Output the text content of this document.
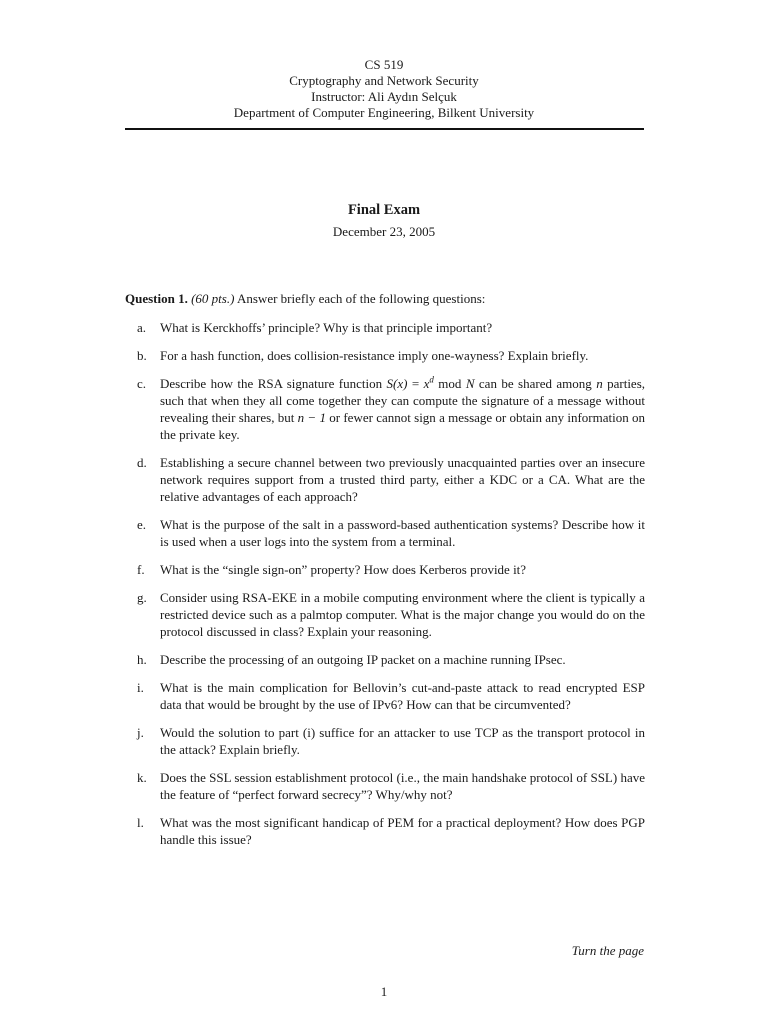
CS 519
Cryptography and Network Security
Instructor: Ali Aydın Selçuk
Department of Computer Engineering, Bilkent University
Final Exam
December 23, 2005
Question 1. (60 pts.) Answer briefly each of the following questions:
a.	What is Kerckhoffs’ principle? Why is that principle important?
b.	For a hash function, does collision-resistance imply one-wayness? Explain briefly.
c.	Describe how the RSA signature function $S(x) = x^d$ mod N can be shared among n parties, such that when they all come together they can compute the signature of a message without revealing their shares, but n − 1 or fewer cannot sign a message or obtain any information on the private key.
d.	Establishing a secure channel between two previously unacquainted parties over an insecure network requires support from a trusted third party, either a KDC or a CA. What are the relative advantages of each approach?
e.	What is the purpose of the salt in a password-based authentication systems? Describe how it is used when a user logs into the system from a terminal.
f.	What is the “single sign-on” property? How does Kerberos provide it?
g.	Consider using RSA-EKE in a mobile computing environment where the client is typically a restricted device such as a palmtop computer. What is the major change you would do on the protocol discussed in class? Explain your reasoning.
h.	Describe the processing of an outgoing IP packet on a machine running IPsec.
i.	What is the main complication for Bellovin’s cut-and-paste attack to read encrypted ESP data that would be brought by the use of IPv6? How can that be circumvented?
j.	Would the solution to part (i) suffice for an attacker to use TCP as the transport protocol in the attack? Explain briefly.
k.	Does the SSL session establishment protocol (i.e., the main handshake protocol of SSL) have the feature of “perfect forward secrecy”? Why/why not?
l.	What was the most significant handicap of PEM for a practical deployment? How does PGP handle this issue?
Turn the page
1
